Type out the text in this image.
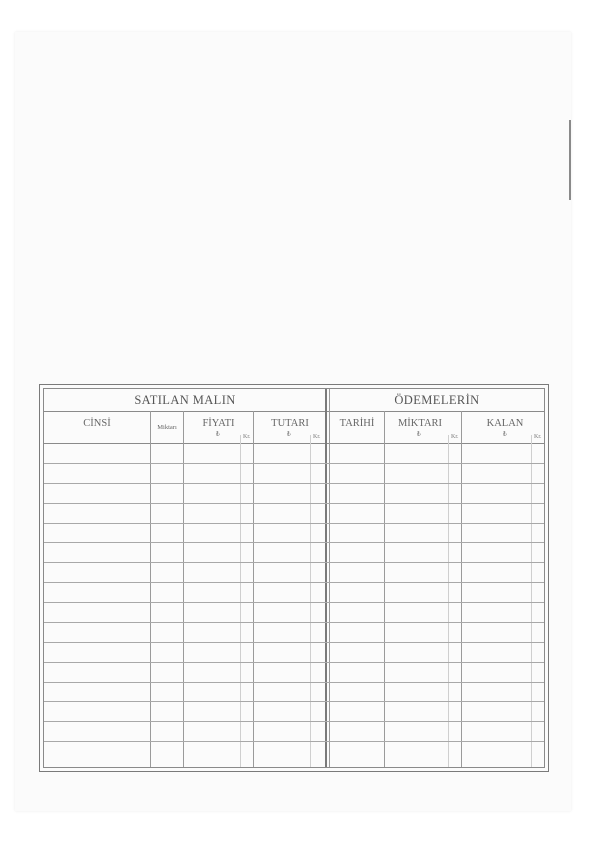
SATILAN MALIN	ÖDEMELERİN
CİNSİ	Miktarı	FİYATI	TUTARI	TARİHİ	MİKTARI	KALAN
₺	Kr.	₺	Kr.	₺	Kr.	₺	Kr.
